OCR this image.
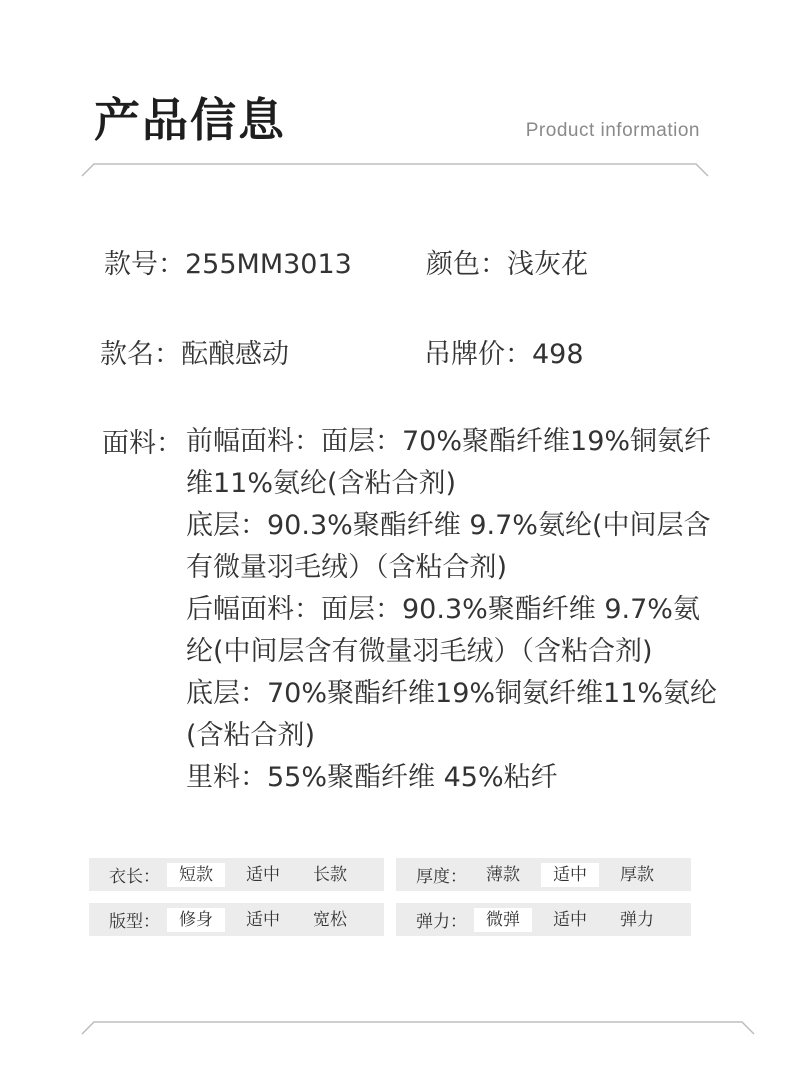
产品信息	Product information
款号：255MM3013	颜色：浅灰花
款名：酝酿感动	吊牌价：498
面料： 前幅面料：面层：70%聚酯纤维19%铜氨纤
维11%氨纶(含粘合剂)
底层：90.3%聚酯纤维 9.7%氨纶(中间层含
有微量羽毛绒）（含粘合剂)
后幅面料：面层：90.3%聚酯纤维 9.7%氨
纶(中间层含有微量羽毛绒）（含粘合剂)
底层：70%聚酯纤维19%铜氨纤维11%氨纶
(含粘合剂)
里料：55%聚酯纤维 45%粘纤
衣长：	短款	适中	长款	厚度：	薄款	适中	厚款
版型：	修身	适中	宽松	弹力：	微弹	适中	弹力
